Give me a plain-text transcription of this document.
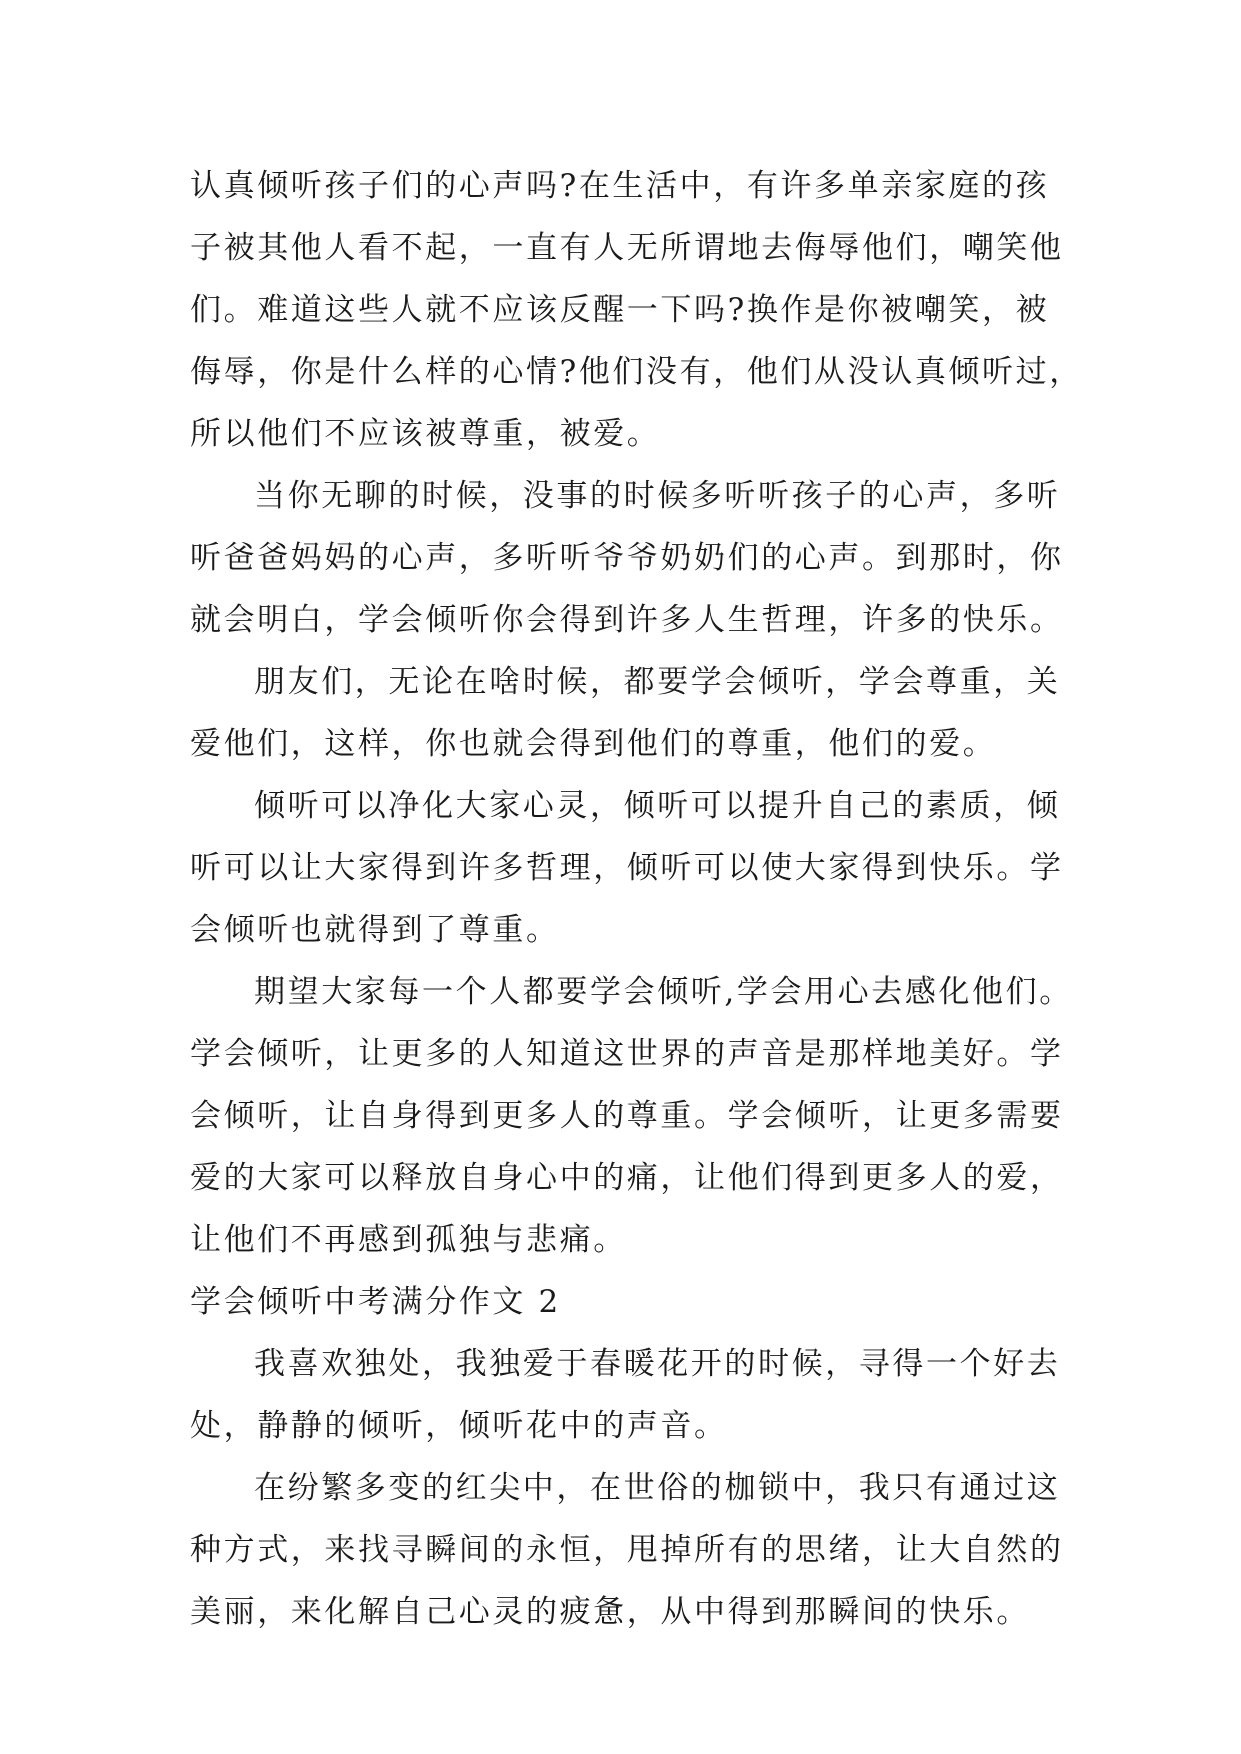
认真倾听孩子们的心声吗?在生活中，有许多单亲家庭的孩
子被其他人看不起，一直有人无所谓地去侮辱他们，嘲笑他
们。难道这些人就不应该反醒一下吗?换作是你被嘲笑，被
侮辱，你是什么样的心情?他们没有，他们从没认真倾听过，
所以他们不应该被尊重，被爱。
当你无聊的时候，没事的时候多听听孩子的心声，多听
听爸爸妈妈的心声，多听听爷爷奶奶们的心声。到那时，你
就会明白，学会倾听你会得到许多人生哲理，许多的快乐。
朋友们，无论在啥时候，都要学会倾听，学会尊重，关
爱他们，这样，你也就会得到他们的尊重，他们的爱。
倾听可以净化大家心灵，倾听可以提升自己的素质，倾
听可以让大家得到许多哲理，倾听可以使大家得到快乐。学
会倾听也就得到了尊重。
期望大家每一个人都要学会倾听,学会用心去感化他们。
学会倾听，让更多的人知道这世界的声音是那样地美好。学
会倾听，让自身得到更多人的尊重。学会倾听，让更多需要
爱的大家可以释放自身心中的痛，让他们得到更多人的爱，
让他们不再感到孤独与悲痛。
学会倾听中考满分作文 2
我喜欢独处，我独爱于春暖花开的时候，寻得一个好去
处，静静的倾听，倾听花中的声音。
在纷繁多变的红尖中，在世俗的枷锁中，我只有通过这
种方式，来找寻瞬间的永恒，甩掉所有的思绪，让大自然的
美丽，来化解自己心灵的疲惫，从中得到那瞬间的快乐。
